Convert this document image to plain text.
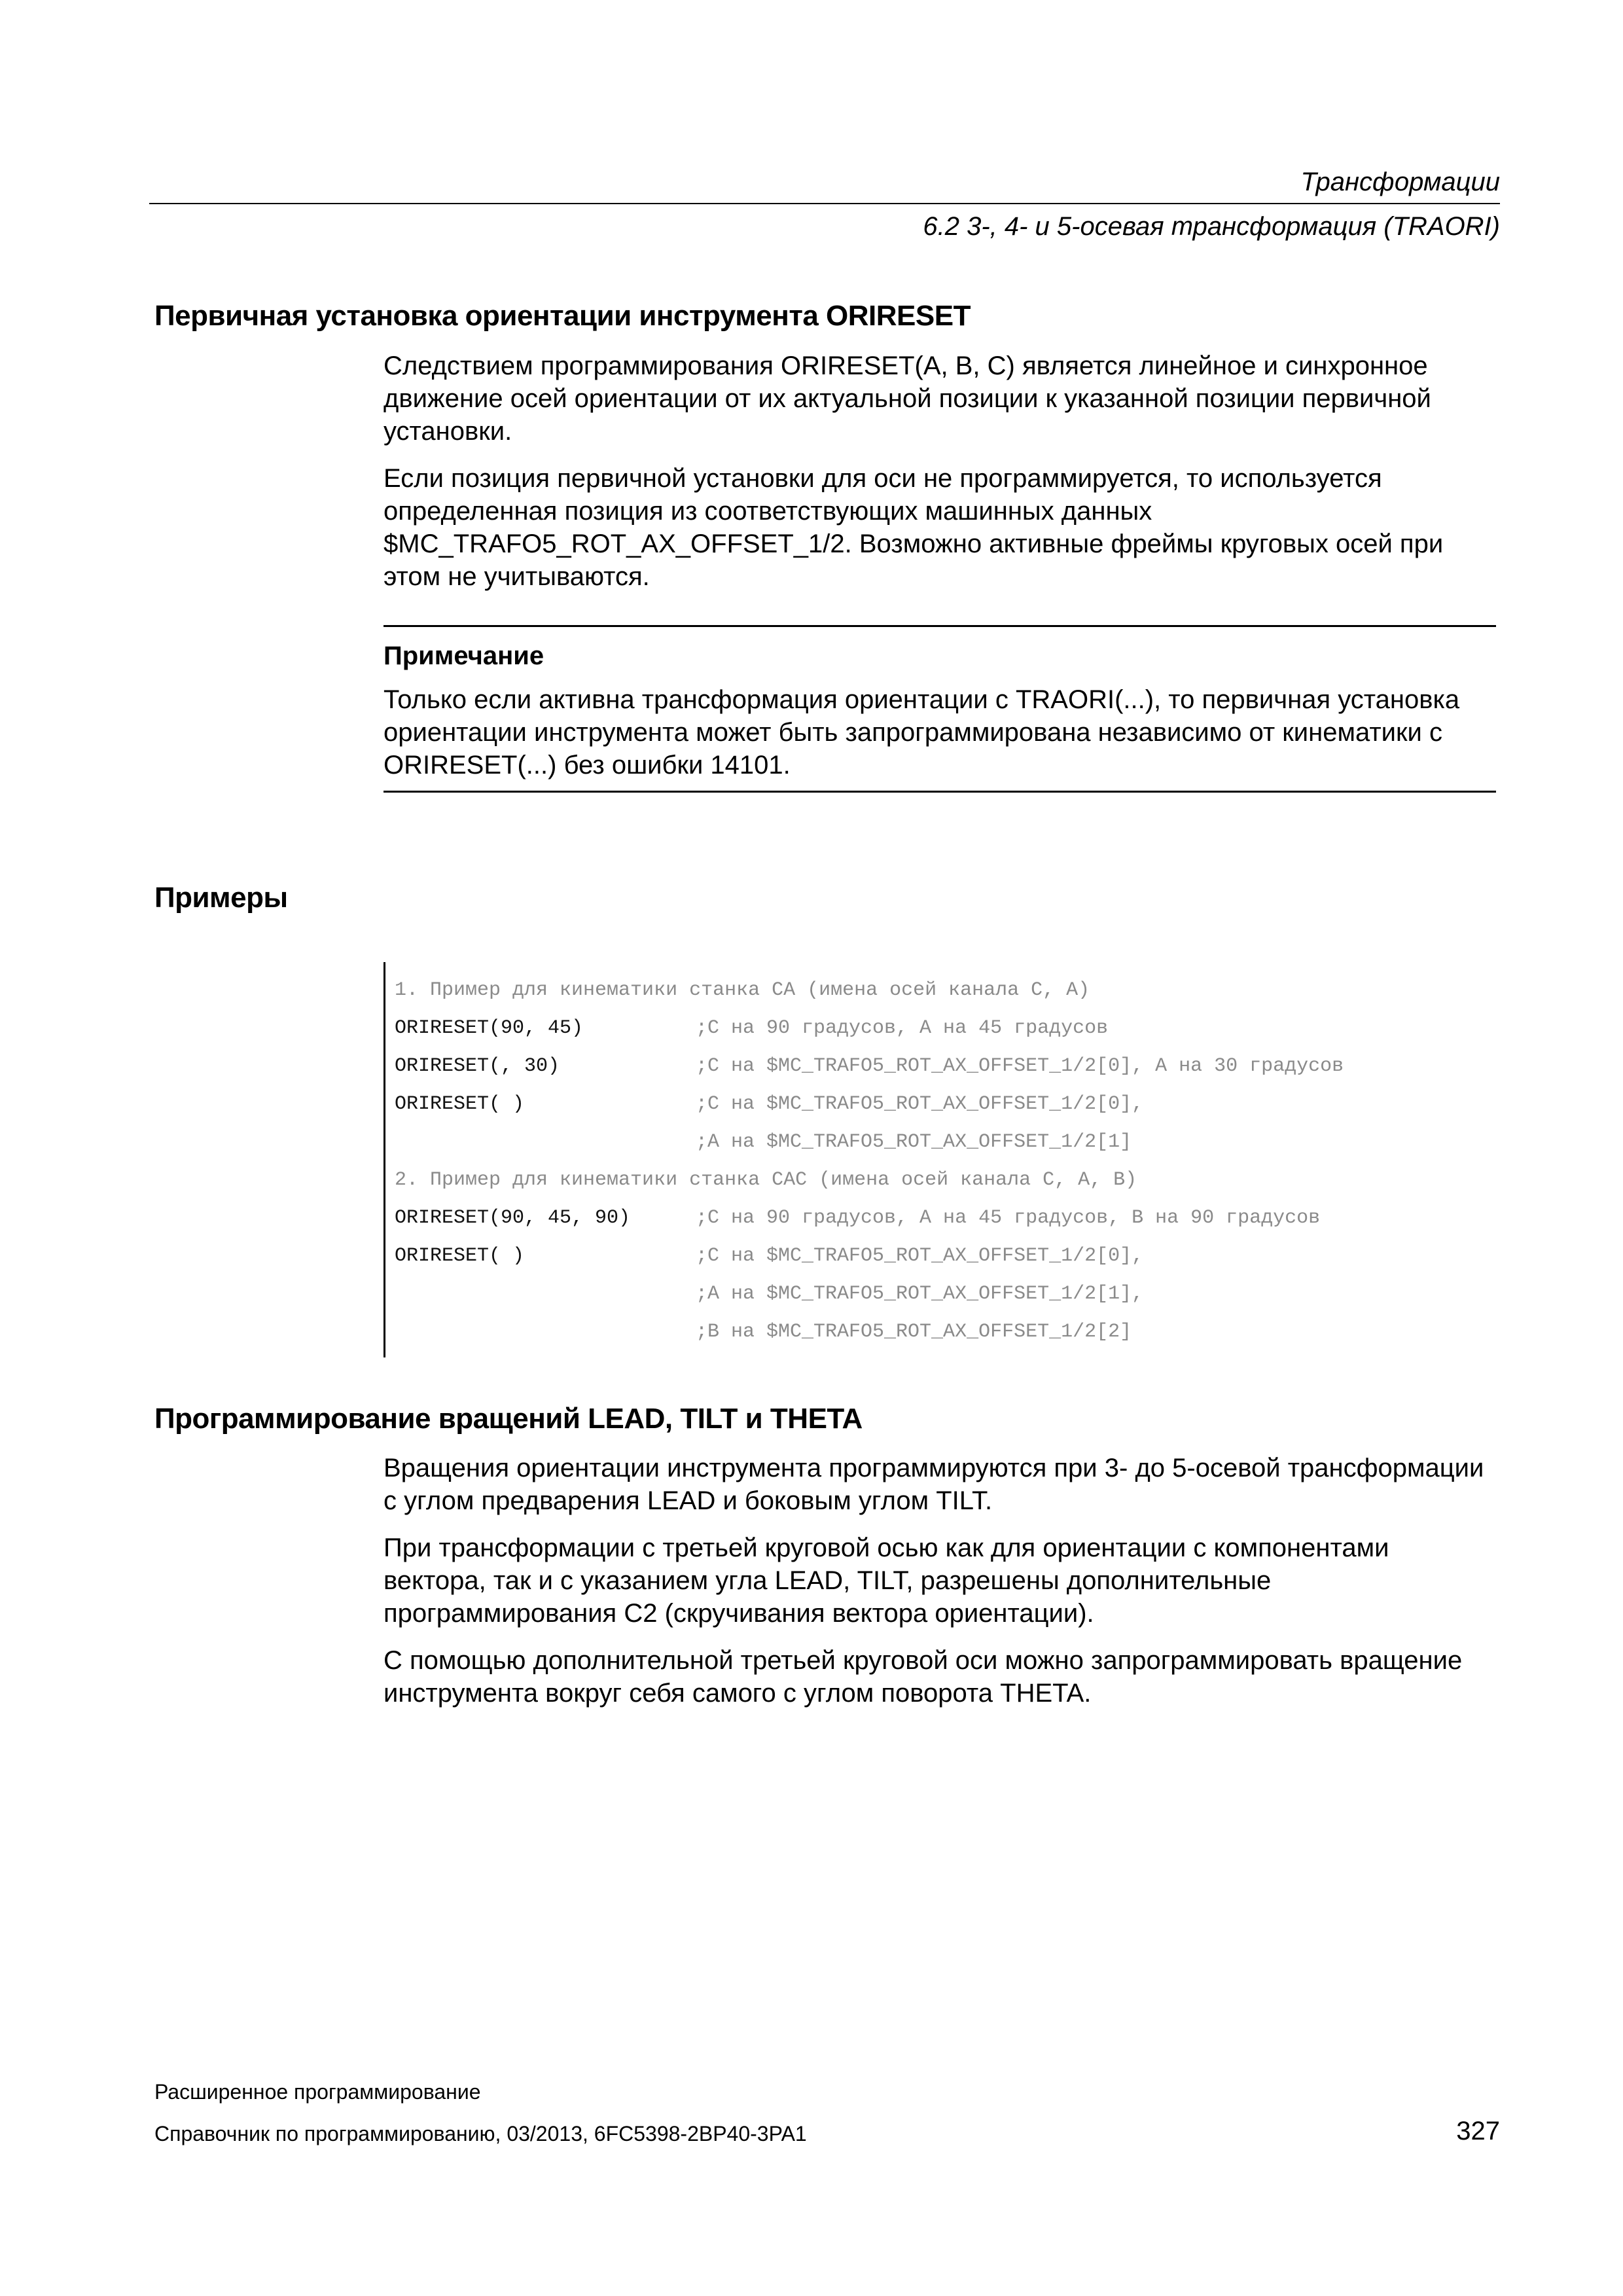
Трансформации
6.2 3-, 4- и 5-осевая трансформация (TRAORI)
Первичная установка ориентации инструмента ORIRESET

Следствием программирования ORIRESET(A, B, C) является линейное и синхронное движение осей ориентации от их актуальной позиции к указанной позиции первичной установки.

Если позиция первичной установки для оси не программируется, то используется определенная позиция из соответствующих машинных данных $MC_TRAFO5_ROT_AX_OFFSET_1/2. Возможно активные фреймы круговых осей при этом не учитываются.

Примечание

Только если активна трансформация ориентации с TRAORI(...), то первичная установка ориентации инструмента может быть запрограммирована независимо от кинематики с ORIRESET(...) без ошибки 14101.

Примеры
1. Пример для кинематики станка CA (имена осей канала C, A)
ORIRESET(90, 45)	;C на 90 градусов, A на 45 градусов
ORIRESET(, 30)	;C на $MC_TRAFO5_ROT_AX_OFFSET_1/2[0], A на 30 градусов
ORIRESET( )	;C на $MC_TRAFO5_ROT_AX_OFFSET_1/2[0],
;A на $MC_TRAFO5_ROT_AX_OFFSET_1/2[1]
2. Пример для кинематики станка CAC (имена осей канала C, A, B)
ORIRESET(90, 45, 90)	;C на 90 градусов, A на 45 градусов, B на 90 градусов
ORIRESET( )	;C на $MC_TRAFO5_ROT_AX_OFFSET_1/2[0],
;A на $MC_TRAFO5_ROT_AX_OFFSET_1/2[1],
;B на $MC_TRAFO5_ROT_AX_OFFSET_1/2[2]
Программирование вращений LEAD, TILT и THETA

Вращения ориентации инструмента программируются при 3- до 5-осевой трансформации с углом предварения LEAD и боковым углом TILT.

При трансформации с третьей круговой осью как для ориентации с компонентами вектора, так и с указанием угла LEAD, TILT, разрешены дополнительные программирования C2 (скручивания вектора ориентации).

С помощью дополнительной третьей круговой оси можно запрограммировать вращение инструмента вокруг себя самого с углом поворота THETA.

Расширенное программирование
Справочник по программированию, 03/2013, 6FC5398-2BP40-3PA1	327
